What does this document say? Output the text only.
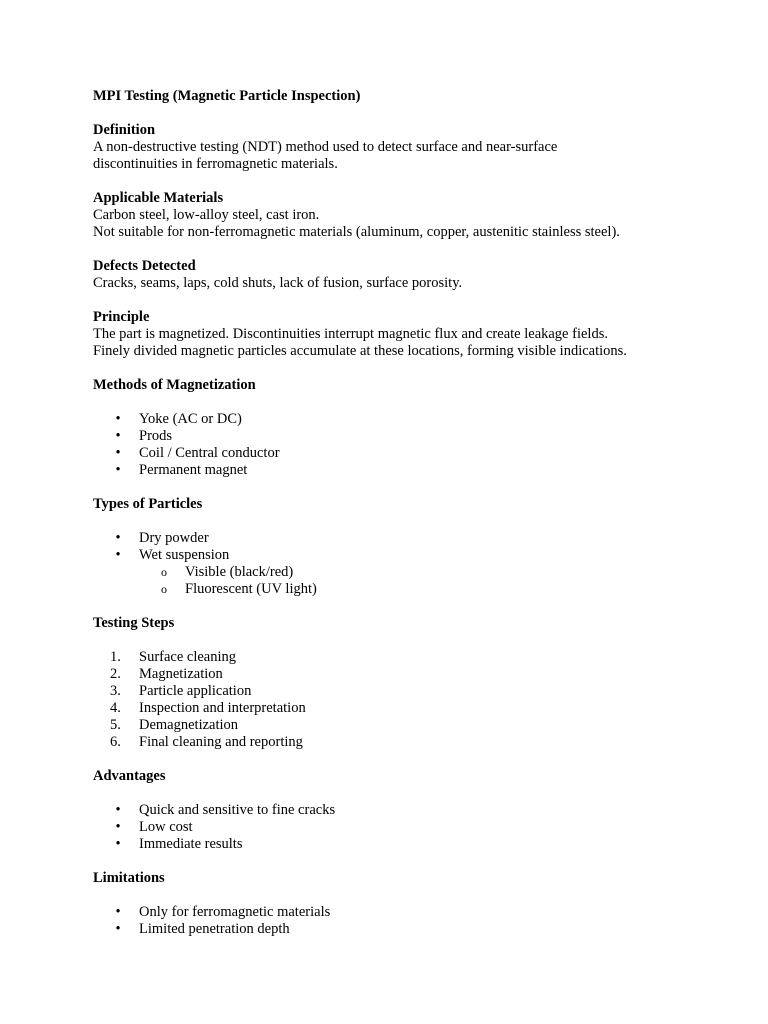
MPI Testing (Magnetic Particle Inspection)

Definition

A non-destructive testing (NDT) method used to detect surface and near-surface

discontinuities in ferromagnetic materials.

Applicable Materials

Carbon steel, low-alloy steel, cast iron.

Not suitable for non-ferromagnetic materials (aluminum, copper, austenitic stainless steel).

Defects Detected

Cracks, seams, laps, cold shuts, lack of fusion, surface porosity.

Principle

The part is magnetized. Discontinuities interrupt magnetic flux and create leakage fields.

Finely divided magnetic particles accumulate at these locations, forming visible indications.

Methods of Magnetization

• Yoke (AC or DC)
• Prods
• Coil / Central conductor
• Permanent magnet

Types of Particles

• Dry powder
• Wet suspension
o Visible (black/red)
o Fluorescent (UV light)

Testing Steps

1.	Surface cleaning
2.	Magnetization
3.	Particle application
4.	Inspection and interpretation
5.	Demagnetization
6.	Final cleaning and reporting

Advantages

• Quick and sensitive to fine cracks
• Low cost
• Immediate results

Limitations

• Only for ferromagnetic materials
• Limited penetration depth
